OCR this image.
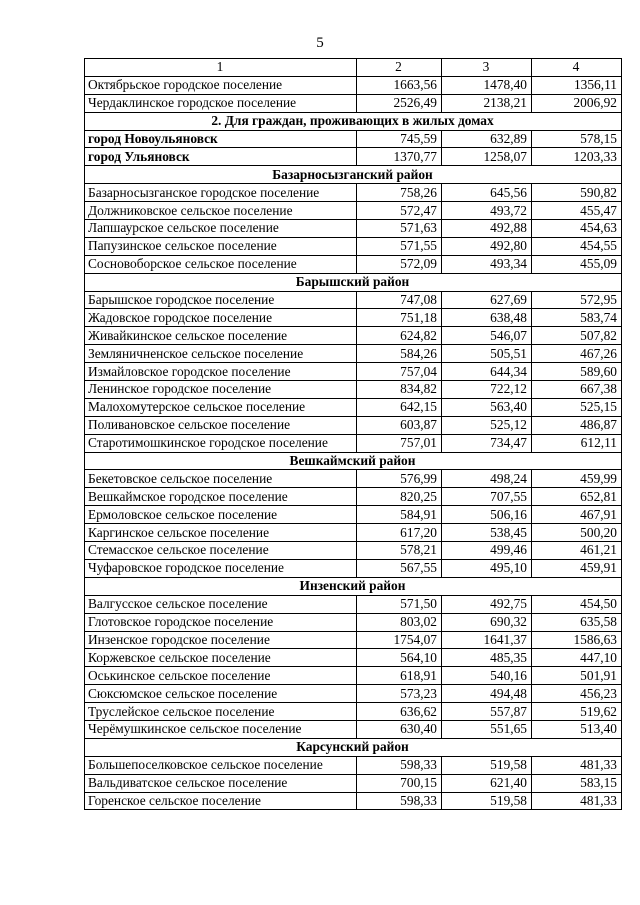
5
1	2	3	4
Октябрьское городское поселение	1663,56	1478,40	1356,11
Чердаклинское городское поселение	2526,49	2138,21	2006,92
2. Для граждан, проживающих в жилых домах			
город Новоульяновск	745,59	632,89	578,15
город Ульяновск	1370,77	1258,07	1203,33
Базарносызганский район			
Базарносызганское городское поселение	758,26	645,56	590,82
Должниковское сельское поселение	572,47	493,72	455,47
Лапшаурское сельское поселение	571,63	492,88	454,63
Папузинское сельское поселение	571,55	492,80	454,55
Сосновоборское сельское поселение	572,09	493,34	455,09
Барышский район			
Барышское городское поселение	747,08	627,69	572,95
Жадовское городское поселение	751,18	638,48	583,74
Живайкинское сельское поселение	624,82	546,07	507,82
Земляничненское сельское поселение	584,26	505,51	467,26
Измайловское городское поселение	757,04	644,34	589,60
Ленинское городское поселение	834,82	722,12	667,38
Малохомутерское сельское поселение	642,15	563,40	525,15
Поливановское сельское поселение	603,87	525,12	486,87
Старотимошкинское городское поселение	757,01	734,47	612,11
Вешкаймский район			
Бекетовское сельское поселение	576,99	498,24	459,99
Вешкаймское городское поселение	820,25	707,55	652,81
Ермоловское сельское поселение	584,91	506,16	467,91
Каргинское сельское поселение	617,20	538,45	500,20
Стемасское сельское поселение	578,21	499,46	461,21
Чуфаровское городское поселение	567,55	495,10	459,91
Инзенский район			
Валгусское сельское поселение	571,50	492,75	454,50
Глотовское городское поселение	803,02	690,32	635,58
Инзенское городское поселение	1754,07	1641,37	1586,63
Коржевское сельское поселение	564,10	485,35	447,10
Оськинское сельское поселение	618,91	540,16	501,91
Сюксюмское сельское поселение	573,23	494,48	456,23
Труслейское сельское поселение	636,62	557,87	519,62
Черёмушкинское сельское поселение	630,40	551,65	513,40
Карсунский район			
Большепоселковское сельское поселение	598,33	519,58	481,33
Вальдиватское сельское поселение	700,15	621,40	583,15
Горенское сельское поселение	598,33	519,58	481,33
